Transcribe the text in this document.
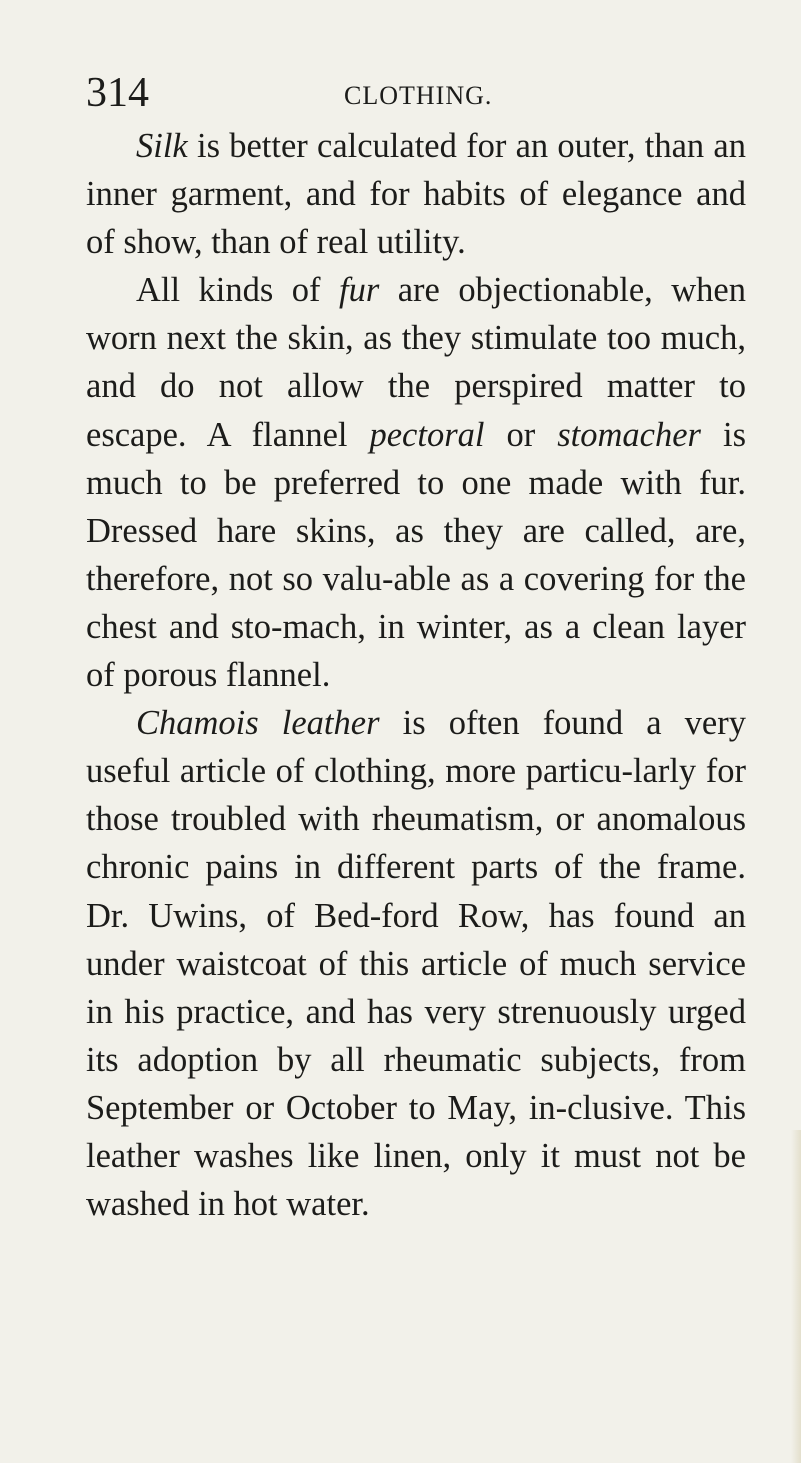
314	CLOTHING.

Silk is better calculated for an outer, than an inner garment, and for habits of elegance and of show, than of real utility.

All kinds of fur are objectionable, when worn next the skin, as they stimulate too much, and do not allow the perspired matter to escape. A flannel pectoral or stomacher is much to be preferred to one made with fur. Dressed hare skins, as they are called, are, therefore, not so valu-able as a covering for the chest and sto-mach, in winter, as a clean layer of porous flannel.

Chamois leather is often found a very useful article of clothing, more particu-larly for those troubled with rheumatism, or anomalous chronic pains in different parts of the frame. Dr. Uwins, of Bed-ford Row, has found an under waistcoat of this article of much service in his practice, and has very strenuously urged its adoption by all rheumatic subjects, from September or October to May, in-clusive. This leather washes like linen, only it must not be washed in hot water.
